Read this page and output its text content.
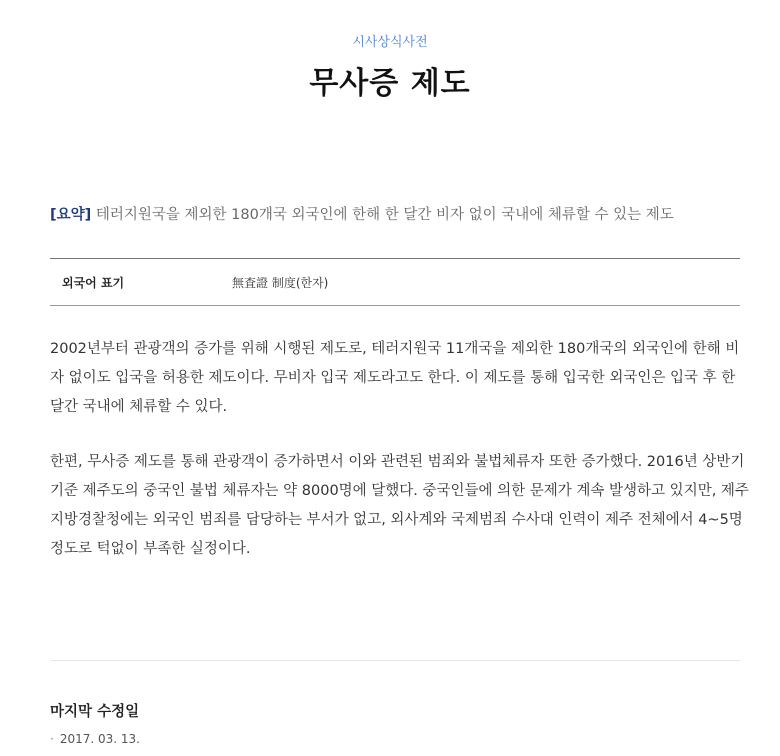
시사상식사전
무사증 제도
[요약] 테러지원국을 제외한 180개국 외국인에 한해 한 달간 비자 없이 국내에 체류할 수 있는 제도
외국어 표기	無査證 制度(한자)
2002년부터 관광객의 증가를 위해 시행된 제도로, 테러지원국 11개국을 제외한 180개국의 외국인에 한해 비자 없이도 입국을 허용한 제도이다. 무비자 입국 제도라고도 한다. 이 제도를 통해 입국한 외국인은 입국 후 한 달간 국내에 체류할 수 있다.
한편, 무사증 제도를 통해 관광객이 증가하면서 이와 관련된 범죄와 불법체류자 또한 증가했다. 2016년 상반기 기준 제주도의 중국인 불법 체류자는 약 8000명에 달했다. 중국인들에 의한 문제가 계속 발생하고 있지만, 제주지방경찰청에는 외국인 범죄를 담당하는 부서가 없고, 외사계와 국제범죄 수사대 인력이 제주 전체에서 4~5명 정도로 턱없이 부족한 실정이다.
마지막 수정일
· 2017. 03. 13.
